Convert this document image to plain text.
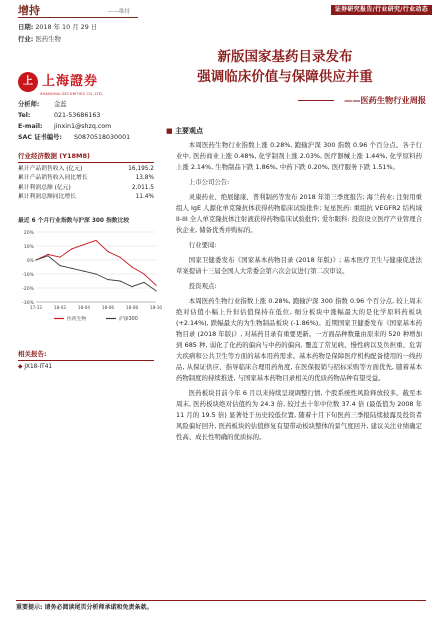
增持	——维持	证券研究报告/行业研究/行业动态
日期: 2018 年 10 月 29 日
行业: 医药生物
上 上海證券
SHANGHAI SECURITIES CO.,LTD.
分析师:	金蕊
Tel:	021-53686163
E-mail:	jinxin1@shzq.com
SAC 证书编号:	S0870518030001
新版国家基药目录发布
强调临床价值与保障供应并重
——医药生物行业周报
行业经济数据 (Y18M8)
累计产品销售收入 (亿元)	16,195.2
累计产品销售收入同比增长	13.8%
累计利润总额 (亿元)	2,011.5
累计利润总额同比增长	11.4%
最近 6 个月行业指数与沪深 300 指数比较
20%
10%
0%
-10%
-20%
-30%
17-12	18-02	18-04	18-06	18-08	18-10
医药生物	沪深300
相关报告:
◆ JX18-IT41
■ 主要观点

本周医药生物行业指数上涨 0.28%, 跑输沪深 300 指数 0.96 个百分点。各子行业中, 医药商业上涨 0.48%, 化学制剂上涨 2.03%, 医疗器械上涨 1.44%, 化学原料药上涨 2.14%, 生物制品下跌 1.86%, 中药下跌 0.20%, 医疗服务下跌 1.51%。

上市公司公告:

灵康药业、绝展健康、普利制药等发布 2018 年第三季度报告; 海兰药业: 注射用重组人 IgE 人源化单克隆抗体获得药物临床试验批件; 复星医药: 重组抗 VEGFR2 结构域 II-III 全人单克隆抗体注射液获得药物临床试验批件; 爱尔眼科: 投资设立医疗产业管理合伙企业, 储备优秀并购标的。

行业要闻:

国家卫健委发布《国家基本药物目录 (2018 年版)》; 基本医疗卫生与健康促进法草案提请十三届全国人大常委会第六次会议进行第二次审议。

投资观点:

本周医药生物行业指数上涨 0.28%, 跑输沪深 300 指数 0.96 个百分点, 较上周末绝对估值小幅上升但估值保持在低位, 细分板块中涨幅最大的是化学原料药板块 (+2.14%), 跌幅最大的为生物制品板块 (-1.86%)。近期国家卫健委发布《国家基本药物目录 (2018 年版)》, 对基药目录有重要更新。一方面品种数量由原来的 520 种增加到 685 种, 弱化了化药的偏向与中药的偏向, 覆盖了常见病、慢性病以及负担重、危害大疾病和公共卫生等方面的基本用药需求。基本药物是保障医疗机构配备使用的一线药品, 从保证供应、指导临床合理用药角度, 在医保报销与招标采购等方面优先, 随着基本药物制度的持续推进, 与国家基本药物目录相关的优质药物品种有望受益。

医药板块目前今年 6 月以来持续呈现调整行情, 个股系统性风险释放较多。截至本周末, 医药板块绝对估值约为 24.3 倍, 较过去十年中位数 37.4 倍 (最低值为 2008 年 11 月的 19.5 倍) 显著处于历史较低位置, 随着十月下旬医药三季报陆续披露及投资者风险偏好回升, 医药板块的估值修复有望带动板块整体的景气度回升, 建议关注业绩确定性高、成长性明确的优质标的。

重要提示: 请务必阅读尾页分析师承诺和免责条款。
